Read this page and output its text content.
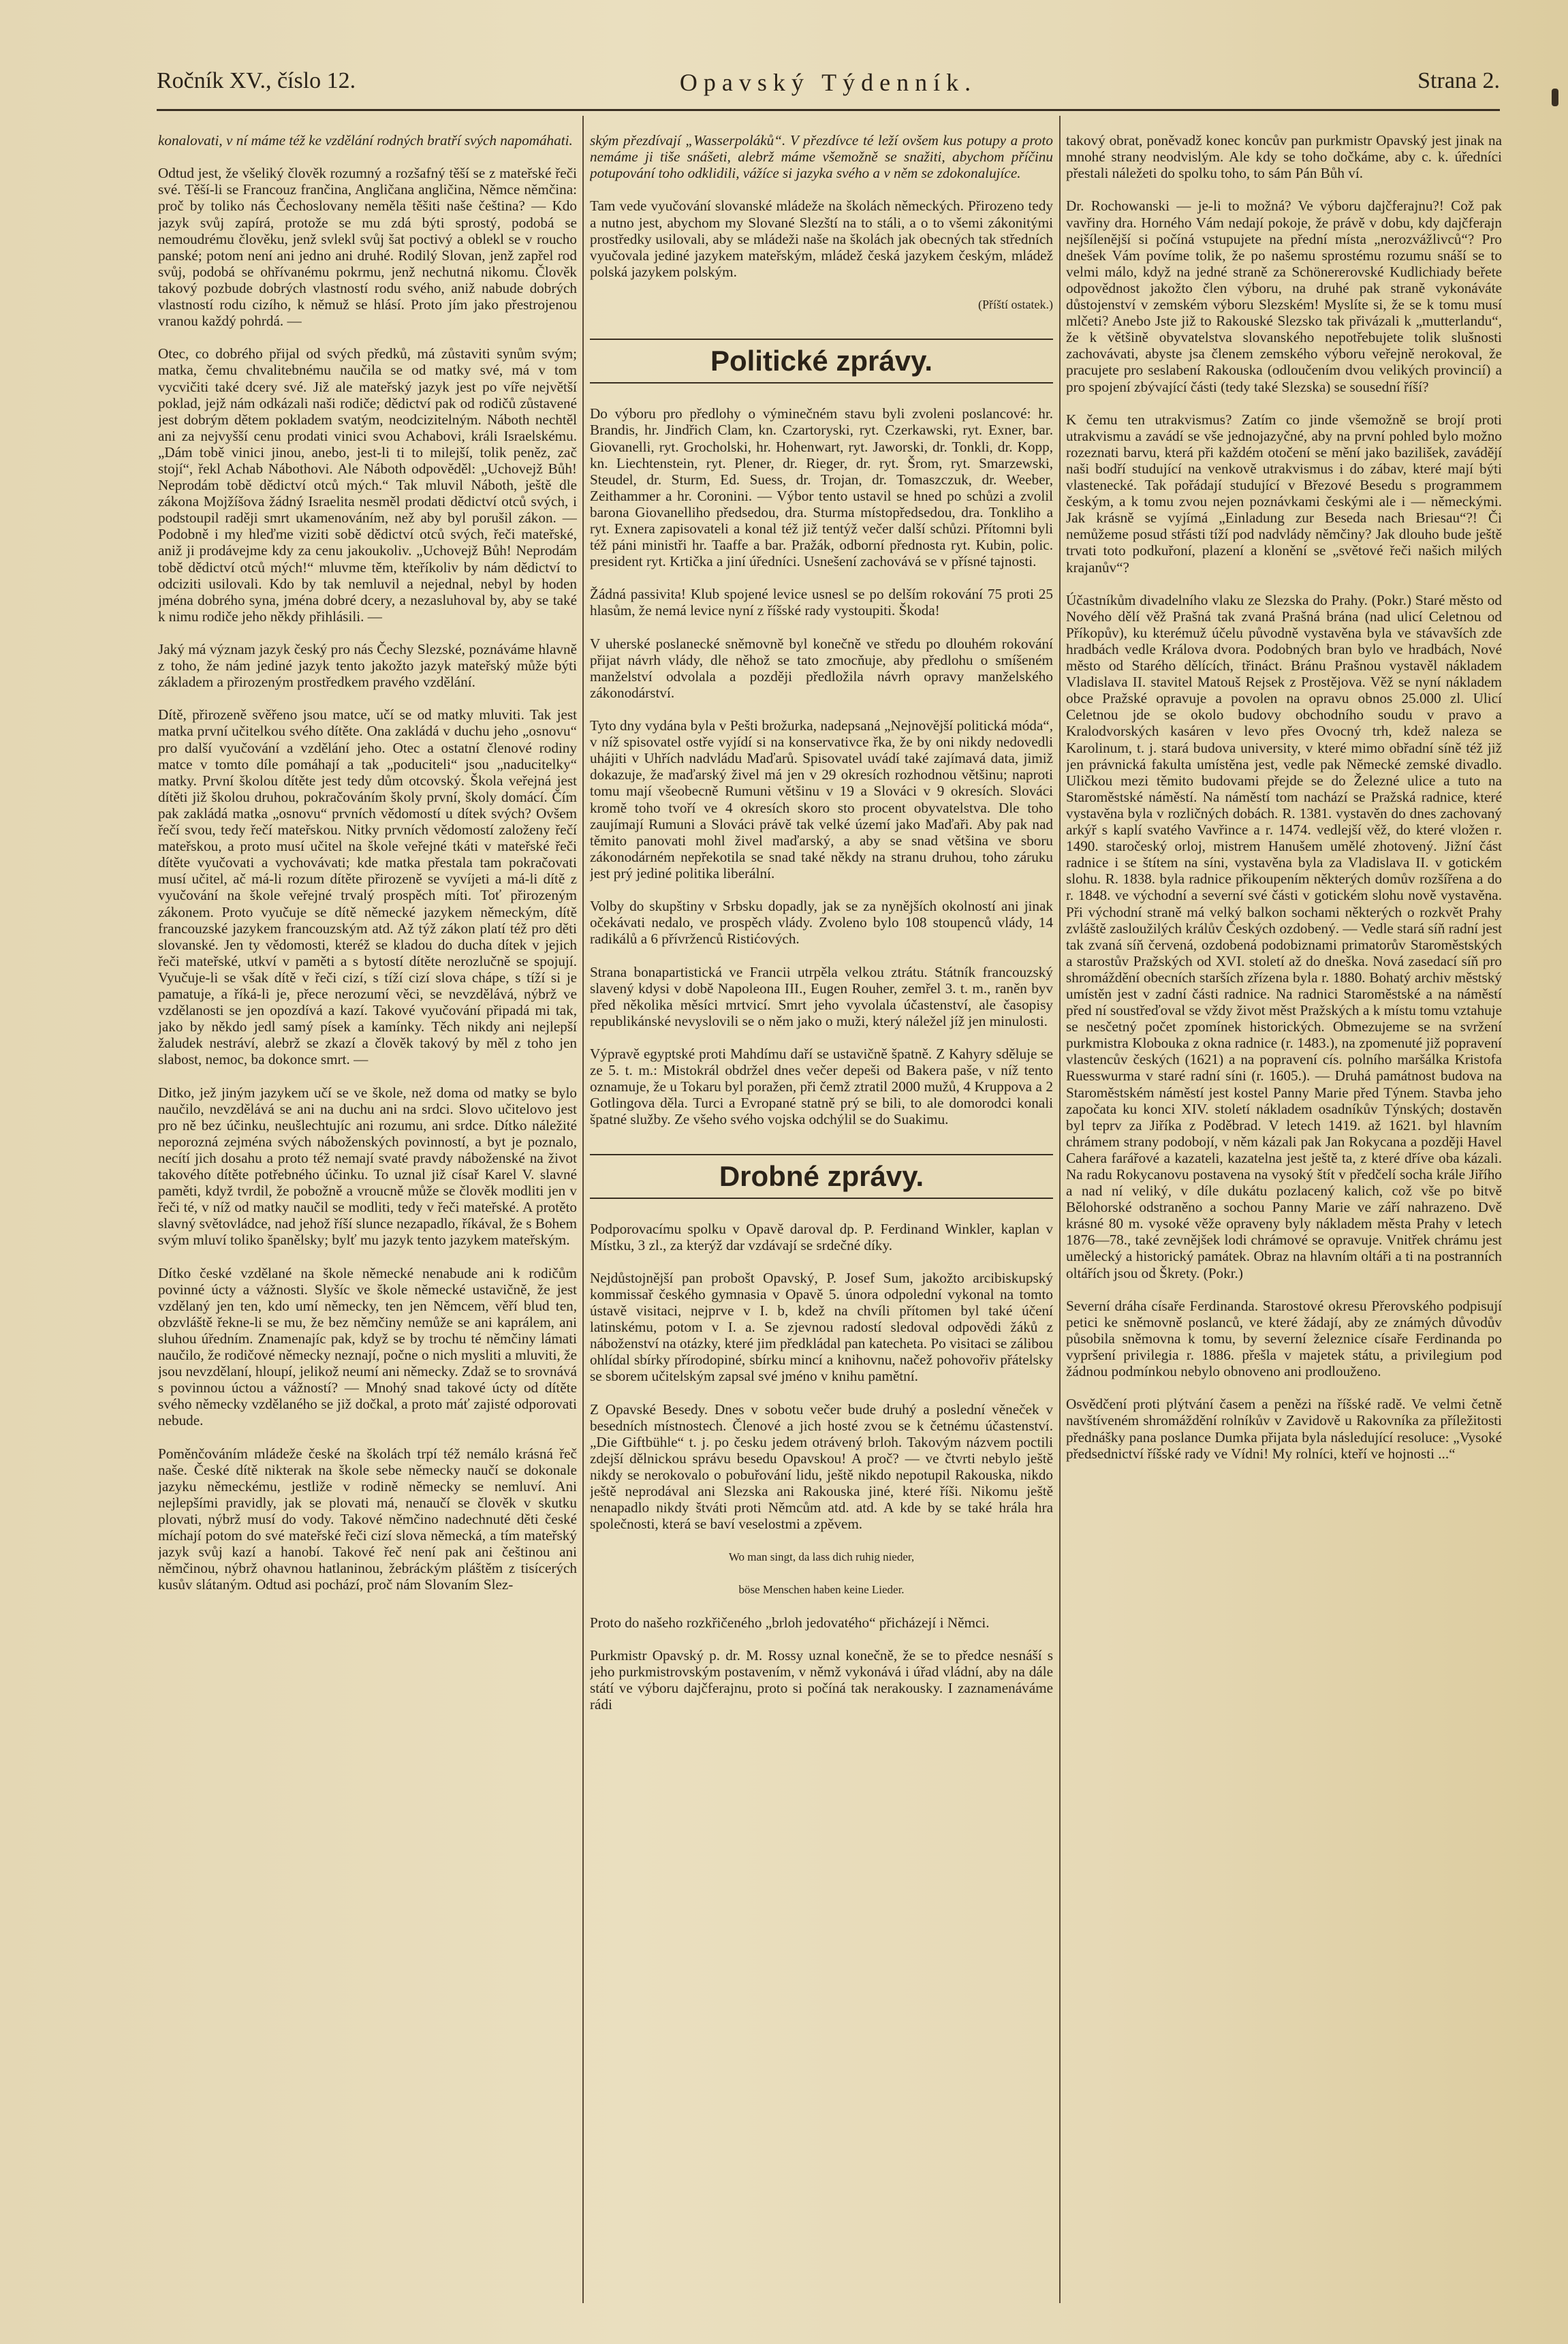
Ročník XV., číslo 12.	Opavský Týdenník.	Strana 2.

konalovati, v ní máme též ke vzdělání rodných bratří svých napomáhati.

Odtud jest, že všeliký člověk rozumný a rozšafný těší se z mateřské řeči své. Těší-li se Francouz frančina, Angličana angličina, Němce němčina: proč by toliko nás Čechoslovany neměla těšiti naše čeština? — Kdo jazyk svůj zapírá, protože se mu zdá býti sprostý, podobá se nemoudrému člověku, jenž svlekl svůj šat poctivý a oblekl se v roucho panské; potom není ani jedno ani druhé. Rodilý Slovan, jenž zapřel rod svůj, podobá se ohřívanému pokrmu, jenž nechutná nikomu. Člověk takový pozbude dobrých vlastností rodu svého, aniž nabude dobrých vlastností rodu cizího, k němuž se hlásí. Proto jím jako přestrojenou vranou každý pohrdá. —

Otec, co dobrého přijal od svých předků, má zůstaviti synům svým; matka, čemu chvalitebnému naučila se od matky své, má v tom vycvičiti také dcery své. Již ale mateřský jazyk jest po víře největší poklad, jejž nám odkázali naši rodiče; dědictví pak od rodičů zůstavené jest dobrým dětem pokladem svatým, neodcizitelným. Náboth nechtěl ani za nejvyšší cenu prodati vinici svou Achabovi, králi Israelskému. „Dám tobě vinici jinou, anebo, jest-li ti to milejší, tolik peněz, zač stojí“, řekl Achab Nábothovi. Ale Náboth odpověděl: „Uchovejž Bůh! Neprodám tobě dědictví otců mých.“ Tak mluvil Náboth, ještě dle zákona Mojžíšova žádný Israelita nesměl prodati dědictví otců svých, i podstoupil raději smrt ukamenováním, než aby byl porušil zákon. — Podobně i my hleďme viziti sobě dědictví otců svých, řeči mateřské, aniž ji prodávejme kdy za cenu jakoukoliv. „Uchovejž Bůh! Neprodám tobě dědictví otců mých!“ mluvme těm, kteříkoliv by nám dědictví to odciziti usilovali. Kdo by tak nemluvil a nejednal, nebyl by hoden jména dobrého syna, jména dobré dcery, a nezasluhoval by, aby se také k nimu rodiče jeho někdy přihlásili. —

Jaký má význam jazyk český pro nás Čechy Slezské, poznáváme hlavně z toho, že nám jediné jazyk tento jakožto jazyk mateřský může býti základem a přirozeným prostředkem pravého vzdělání.

Dítě, přirozeně svěřeno jsou matce, učí se od matky mluviti. Tak jest matka první učitelkou svého dítěte. Ona zakládá v duchu jeho „osnovu“ pro další vyučování a vzdělání jeho. Otec a ostatní členové rodiny matce v tomto díle pomáhají a tak „poduciteli“ jsou „naducitelky“ matky. První školou dítěte jest tedy dům otcovský. Škola veřejná jest dítěti již školou druhou, pokračováním školy první, školy domácí. Čím pak zakládá matka „osnovu“ prvních vědomostí u dítek svých? Ovšem řečí svou, tedy řečí mateřskou. Nitky prvních vědomostí založeny řečí mateřskou, a proto musí učitel na škole veřejné tkáti v mateřské řeči dítěte vyučovati a vychovávati; kde matka přestala tam pokračovati musí učitel, ač má-li rozum dítěte přirozeně se vyvíjeti a má-li dítě z vyučování na škole veřejné trvalý prospěch míti. Toť přirozeným zákonem. Proto vyučuje se dítě německé jazykem německým, dítě francouzské jazykem francouzským atd. Až týž zákon platí též pro děti slovanské. Jen ty vědomosti, kteréž se kladou do ducha dítek v jejich řeči mateřské, utkví v paměti a s bytostí dítěte nerozlučně se spojují. Vyučuje-li se však dítě v řeči cizí, s tíží cizí slova chápe, s tíží si je pamatuje, a říká-li je, přece nerozumí věci, se nevzdělává, nýbrž ve vzdělanosti se jen opozdívá a kazí. Takové vyučování připadá mi tak, jako by někdo jedl samý písek a kamínky. Těch nikdy ani nejlepší žaludek nestráví, alebrž se zkazí a člověk takový by měl z toho jen slabost, nemoc, ba dokonce smrt. —

Ditko, jež jiným jazykem učí se ve škole, než doma od matky se bylo naučilo, nevzdělává se ani na duchu ani na srdci. Slovo učitelovo jest pro ně bez účinku, neušlechtujíc ani rozumu, ani srdce. Dítko náležité neporozná zejména svých náboženských povinností, a byt je poznalo, necítí jich dosahu a proto též nemají svaté pravdy náboženské na život takového dítěte potřebného účinku. To uznal již císař Karel V. slavné paměti, když tvrdil, že pobožně a vroucně může se člověk modliti jen v řeči té, v níž od matky naučil se modliti, tedy v řeči mateřské. A protěto slavný světovládce, nad jehož říší slunce nezapadlo, říkával, že s Bohem svým mluví toliko španělsky; bylť mu jazyk tento jazykem mateřským.

Dítko české vzdělané na škole německé nenabude ani k rodičům povinné úcty a vážnosti. Slyšíc ve škole německé ustavičně, že jest vzdělaný jen ten, kdo umí německy, ten jen Němcem, věří blud ten, obzvláště řekne-li se mu, že bez němčiny nemůže se ani kaprálem, ani sluhou úředním. Znamenajíc pak, když se by trochu té němčiny lámati naučilo, že rodičové německy neznají, počne o nich mysliti a mluviti, že jsou nevzdělaní, hloupí, jelikož neumí ani německy. Zdaž se to srovnává s povinnou úctou a vážností? — Mnohý snad takové úcty od dítěte svého německy vzdělaného se již dočkal, a proto máť zajisté odporovati nebude.

Poměnčováním mládeže české na školách trpí též nemálo krásná řeč naše. České dítě nikterak na škole sebe německy naučí se dokonale jazyku německému, jestliže v rodině německy se nemluví. Ani nejlepšími pravidly, jak se plovati má, nenaučí se člověk v skutku plovati, nýbrž musí do vody. Takové němčino nadechnuté děti české míchají potom do své mateřské řeči cizí slova německá, a tím mateřský jazyk svůj kazí a hanobí. Takové řeč není pak ani češtinou ani němčinou, nýbrž ohavnou hatlaninou, žebráckým pláštěm z tisícerých kusův slátaným. Odtud asi pochází, proč nám Slovaním Slez-

ským přezdívají „Wasserpoláků“. V přezdívce té leží ovšem kus potupy a proto nemáme ji tiše snášeti, alebrž máme všemožně se snažiti, abychom příčinu potupování toho odklidili, vážíce si jazyka svého a v něm se zdokonalujíce.

Tam vede vyučování slovanské mládeže na školách německých. Přirozeno tedy a nutno jest, abychom my Slované Slezští na to stáli, a o to všemi zákonitými prostředky usilovali, aby se mládeži naše na školách jak obecných tak středních vyučovala jediné jazykem mateřským, mládež česká jazykem českým, mládež polská jazykem polským.

(Příští ostatek.)

Politické zprávy.

Do výboru pro předlohy o výminečném stavu byli zvoleni poslancové: hr. Brandis, hr. Jindřich Clam, kn. Czartoryski, ryt. Czerkawski, ryt. Exner, bar. Giovanelli, ryt. Grocholski, hr. Hohenwart, ryt. Jaworski, dr. Tonkli, dr. Kopp, kn. Liechtenstein, ryt. Plener, dr. Rieger, dr. ryt. Šrom, ryt. Smarzewski, Steudel, dr. Sturm, Ed. Suess, dr. Trojan, dr. Tomaszczuk, dr. Weeber, Zeithammer a hr. Coronini. — Výbor tento ustavil se hned po schůzi a zvolil barona Giovanelliho předsedou, dra. Sturma místopředsedou, dra. Tonkliho a ryt. Exnera zapisovateli a konal též již tentýž večer další schůzi. Přítomni byli též páni ministři hr. Taaffe a bar. Pražák, odborní přednosta ryt. Kubin, polic. president ryt. Krtička a jiní úředníci. Usnešení zachovává se v přísné tajnosti.

Žádná passivita! Klub spojené levice usnesl se po delším rokování 75 proti 25 hlasům, že nemá levice nyní z říšské rady vystoupiti. Škoda!

V uherské poslanecké sněmovně byl konečně ve středu po dlouhém rokování přijat návrh vlády, dle něhož se tato zmocňuje, aby předlohu o smíšeném manželství odvolala a později předložila návrh opravy manželského zákonodárství.

Tyto dny vydána byla v Pešti brožurka, nadepsaná „Nejnovější politická móda“, v níž spisovatel ostře vyjídí si na konservativce řka, že by oni nikdy nedovedli uhájiti v Uhřích nadvládu Maďarů. Spisovatel uvádí také zajímavá data, jimiž dokazuje, že maďarský živel má jen v 29 okresích rozhodnou většinu; naproti tomu mají všeobecně Rumuni většinu v 19 a Slováci v 9 okresích. Slováci kromě toho tvoří ve 4 okresích skoro sto procent obyvatelstva. Dle toho zaujímají Rumuni a Slováci právě tak velké území jako Maďaři. Aby pak nad těmito panovati mohl živel maďarský, a aby se snad většina ve sboru zákonodárném nepřekotila se snad také někdy na stranu druhou, toho záruku jest prý jediné politika liberální.

Volby do skupštiny v Srbsku dopadly, jak se za nynějších okolností ani jinak očekávati nedalo, ve prospěch vlády. Zvoleno bylo 108 stoupenců vlády, 14 radikálů a 6 přívrženců Ristićových.

Strana bonapartistická ve Francii utrpěla velkou ztrátu. Státník francouzský slavený kdysi v době Napoleona III., Eugen Rouher, zemřel 3. t. m., raněn byv před několika měsíci mrtvicí. Smrt jeho vyvolala účastenství, ale časopisy republikánské nevyslovili se o něm jako o muži, který náležel jíž jen minulosti.

Výpravě egyptské proti Mahdímu daří se ustavičně špatně. Z Kahyry sděluje se ze 5. t. m.: Mistokrál obdržel dnes večer depeši od Bakera paše, v níž tento oznamuje, že u Tokaru byl poražen, při čemž ztratil 2000 mužů, 4 Kruppova a 2 Gotlingova děla. Turci a Evropané statně prý se bili, to ale domorodci konali špatné služby. Ze všeho svého vojska odchýlil se do Suakimu.

Drobné zprávy.

Podporovacímu spolku v Opavě daroval dp. P. Ferdinand Winkler, kaplan v Místku, 3 zl., za kterýž dar vzdávají se srdečné díky.

Nejdůstojnější pan probošt Opavský, P. Josef Sum, jakožto arcibiskupský kommissař českého gymnasia v Opavě 5. února odpolední vykonal na tomto ústavě visitaci, nejprve v I. b, kdež na chvíli přítomen byl také účení latinskému, potom v I. a. Se zjevnou radostí sledoval odpovědi žáků z náboženství na otázky, které jim předkládal pan katecheta. Po visitaci se zálibou ohlídal sbírky přírodopiné, sbírku mincí a knihovnu, načež pohovořiv přátelsky se sborem učitelským zapsal své jméno v knihu pamětní.

Z Opavské Besedy. Dnes v sobotu večer bude druhý a poslední věneček v besedních místnostech. Členové a jich hosté zvou se k četnému účastenství. „Die Giftbühle“ t. j. po česku jedem otrávený brloh. Takovým názvem poctili zdejší dělnickou správu besedu Opavskou! A proč? — ve čtvrti nebylo ještě nikdy se nerokovalo o pobuřování lidu, ještě nikdo nepotupil Rakouska, nikdo ještě neprodával ani Slezska ani Rakouska jiné, které říši. Nikomu ještě nenapadlo nikdy štváti proti Němcům atd. atd. A kde by se také hrála hra společnosti, která se baví veselostmi a zpěvem.

Wo man singt, da lass dich ruhig nieder,

böse Menschen haben keine Lieder.

Proto do našeho rozkřičeného „brloh jedovatého“ přicházejí i Němci.

Purkmistr Opavský p. dr. M. Rossy uznal konečně, že se to předce nesnáší s jeho purkmistrovským postavením, v němž vykonává i úřad vládní, aby na dále státí ve výboru dajčferajnu, proto si počíná tak nerakousky. I zaznamenáváme rádi

takový obrat, poněvadž konec koncův pan purkmistr Opavský jest jinak na mnohé strany neodvislým. Ale kdy se toho dočkáme, aby c. k. úředníci přestali náležeti do spolku toho, to sám Pán Bůh ví.

Dr. Rochowanski — je-li to možná? Ve výboru dajčferajnu?! Což pak vavřiny dra. Horného Vám nedají pokoje, že právě v dobu, kdy dajčferajn nejšílenější si počíná vstupujete na přední místa „nerozvážlivců“? Pro dnešek Vám povíme tolik, že po našemu sprostému rozumu snáší se to velmi málo, když na jedné straně za Schönererovské Kudlichiady beřete odpovědnost jakožto člen výboru, na druhé pak straně vykonáváte důstojenství v zemském výboru Slezském! Myslíte si, že se k tomu musí mlčeti? Anebo Jste již to Rakouské Slezsko tak přivázali k „mutterlandu“, že k většině obyvatelstva slovanského nepotřebujete tolik slušnosti zachovávati, abyste jsa členem zemského výboru veřejně nerokoval, že pracujete pro seslabení Rakouska (odloučením dvou velikých provincií) a pro spojení zbývající části (tedy také Slezska) se sousední říší?

K čemu ten utrakvismus? Zatím co jinde všemožně se brojí proti utrakvismu a zavádí se vše jednojazyčné, aby na první pohled bylo možno rozeznati barvu, která při každém otočení se mění jako bazilišek, zavádějí naši bodří studující na venkově utrakvismus i do zábav, které mají býti vlastenecké. Tak pořádají studující v Březové Besedu s programmem českým, a k tomu zvou nejen poznávkami českými ale i — německými. Jak krásně se vyjímá „Einladung zur Beseda nach Briesau“?! Či nemůžeme posud střásti tíží pod nadvlády němčiny? Jak dlouho bude ještě trvati toto podkuřoní, plazení a klonění se „světové řeči našich milých krajanův“?

Účastníkům divadelního vlaku ze Slezska do Prahy. (Pokr.) Staré město od Nového dělí věž Prašná tak zvaná Prašná brána (nad ulicí Celetnou od Příkopův), ku kterémuž účelu původně vystavěna byla ve stávavších zde hradbách vedle Králova dvora. Podobných bran bylo ve hradbách, Nové město od Starého dělících, třináct. Bránu Prašnou vystavěl nákladem Vladislava II. stavitel Matouš Rejsek z Prostějova. Věž se nyní nákladem obce Pražské opravuje a povolen na opravu obnos 25.000 zl. Ulicí Celetnou jde se okolo budovy obchodního soudu v pravo a Kralodvorských kasáren v levo přes Ovocný trh, kdež naleza se Karolinum, t. j. stará budova university, v které mimo obřadní síně též již jen právnická fakulta umístěna jest, vedle pak Německé zemské divadlo. Uličkou mezi těmito budovami přejde se do Železné ulice a tuto na Staroměstské náměstí. Na náměstí tom nachází se Pražská radnice, které vystavěna byla v rozličných dobách. R. 1381. vystavěn do dnes zachovaný arkýř s kaplí svatého Vavřince a r. 1474. vedlejší věž, do které vložen r. 1490. staročeský orloj, mistrem Hanušem umělé zhotovený. Jižní část radnice i se štítem na síni, vystavěna byla za Vladislava II. v gotickém slohu. R. 1838. byla radnice přikoupením některých domův rozšířena a do r. 1848. ve východní a severní své části v gotickém slohu nově vystavěna. Při východní straně má velký balkon sochami některých o rozkvět Prahy zvláště zasloužilých králův Českých ozdobený. — Vedle stará síň radní jest tak zvaná síň červená, ozdobená podobiznami primatorův Staroměstských a starostův Pražských od XVI. století až do dneška. Nová zasedací síň pro shromáždění obecních starších zřízena byla r. 1880. Bohatý archiv městský umístěn jest v zadní části radnice. Na radnici Staroměstské a na náměstí před ní soustřeďoval se vždy život měst Pražských a k místu tomu vztahuje se nesčetný počet zpomínek historických. Obmezujeme se na svržení purkmistra Klobouka z okna radnice (r. 1483.), na zpomenuté již popravení vlastencův českých (1621) a na popravení cís. polního maršálka Kristofa Ruesswurma v staré radní síni (r. 1605.). — Druhá památnost budova na Staroměstském náměstí jest kostel Panny Marie před Týnem. Stavba jeho započata ku konci XIV. století nákladem osadníkův Týnských; dostavěn byl teprv za Jiříka z Poděbrad. V letech 1419. až 1621. byl hlavním chrámem strany podobojí, v něm kázali pak Jan Rokycana a později Havel Cahera farářové a kazateli, kazatelna jest ještě ta, z které dříve oba kázali. Na radu Rokycanovu postavena na vysoký štít v předčelí socha krále Jiřího a nad ní veliký, v díle dukátu pozlacený kalich, což vše po bitvě Bělohorské odstraněno a sochou Panny Marie ve září nahrazeno. Dvě krásné 80 m. vysoké věže opraveny byly nákladem města Prahy v letech 1876—78., také zevnějšek lodi chrámové se opravuje. Vnitřek chrámu jest umělecký a historický památek. Obraz na hlavním oltáři a ti na postranních oltářích jsou od Škrety. (Pokr.)

Severní dráha císaře Ferdinanda. Starostové okresu Přerovského podpisují petici ke sněmovně poslanců, ve které žádají, aby ze známých důvodův působila sněmovna k tomu, by severní železnice císaře Ferdinanda po vypršení privilegia r. 1886. přešla v majetek státu, a privilegium pod žádnou podmínkou nebylo obnoveno ani prodlouženo.

Osvědčení proti plýtvání časem a penězi na říšské radě. Ve velmi četně navštíveném shromáždění rolníkův v Zavidově u Rakovníka za příležitosti přednášky pana poslance Dumka přijata byla následující resoluce: „Vysoké předsednictví říšské rady ve Vídni! My rolníci, kteří ve hojnosti ...“
